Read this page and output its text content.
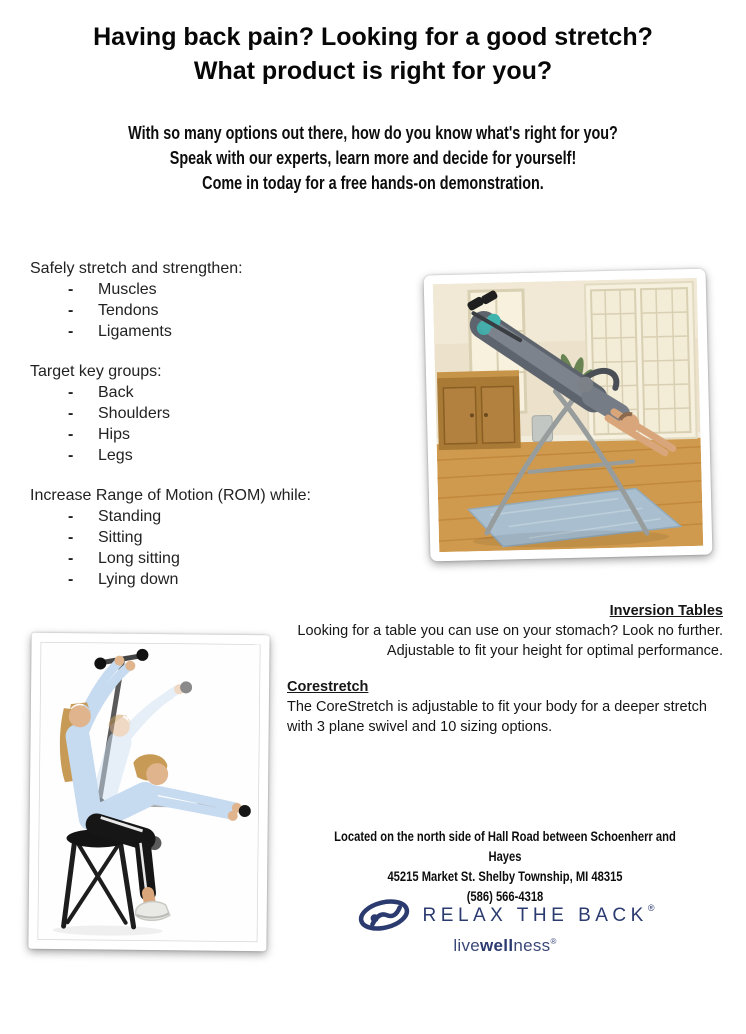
Having back pain? Looking for a good stretch?
What product is right for you?
With so many options out there, how do you know what's right for you?
Speak with our experts, learn more and decide for yourself!
Come in today for a free hands-on demonstration.
Safely stretch and strengthen:
- Muscles
- Tendons
- Ligaments
Target key groups:
- Back
- Shoulders
- Hips
- Legs
Increase Range of Motion (ROM) while:
- Standing
- Sitting
- Long sitting
- Lying down
Inversion Tables
Looking for a table you can use on your stomach? Look no further.
Adjustable to fit your height for optimal performance.
Corestretch
The CoreStretch is adjustable to fit your body for a deeper stretch with 3 plane swivel and 10 sizing options.
Located on the north side of Hall Road between Schoenherr and Hayes
45215 Market St. Shelby Township, MI 48315
(586) 566-4318
RELAX THE BACK®
livewellness®
